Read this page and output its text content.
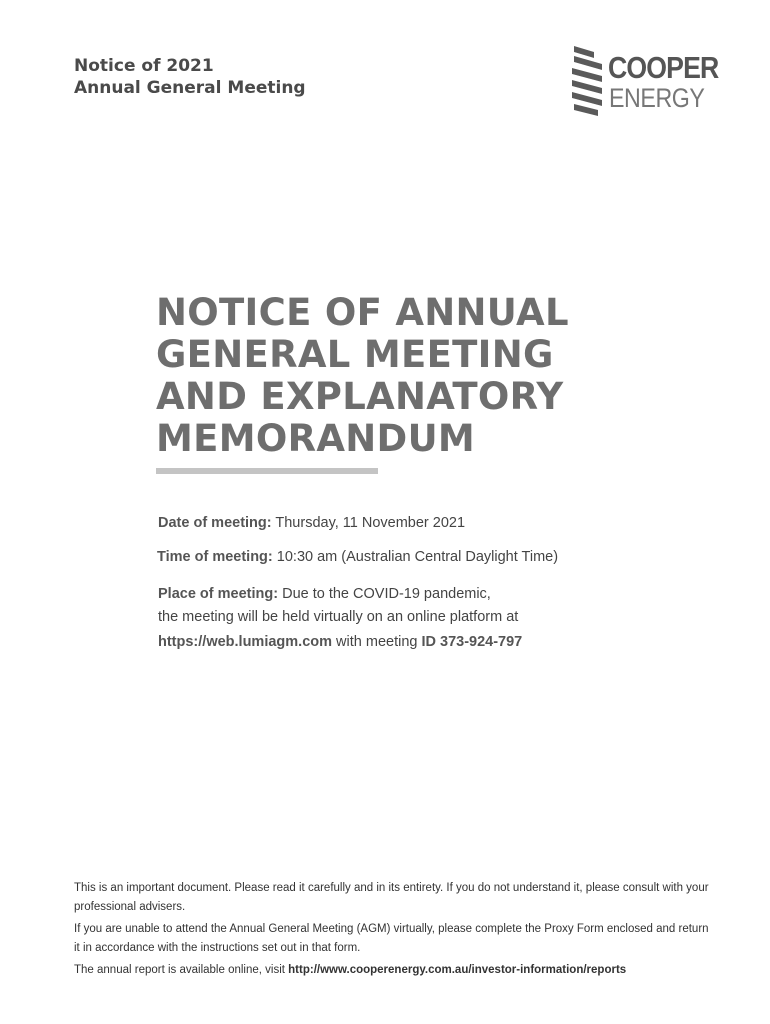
Notice of 2021
Annual General Meeting
COOPER
ENERGY
NOTICE OF ANNUAL
GENERAL MEETING
AND EXPLANATORY
MEMORANDUM
Date of meeting: Thursday, 11 November 2021
Time of meeting: 10:30 am (Australian Central Daylight Time)
Place of meeting: Due to the COVID-19 pandemic,
the meeting will be held virtually on an online platform at
https://web.lumiagm.com with meeting ID 373-924-797

This is an important document. Please read it carefully and in its entirety. If you do not understand it, please consult with your professional advisers.

If you are unable to attend the Annual General Meeting (AGM) virtually, please complete the Proxy Form enclosed and return it in accordance with the instructions set out in that form.

The annual report is available online, visit http://www.cooperenergy.com.au/investor-information/reports
